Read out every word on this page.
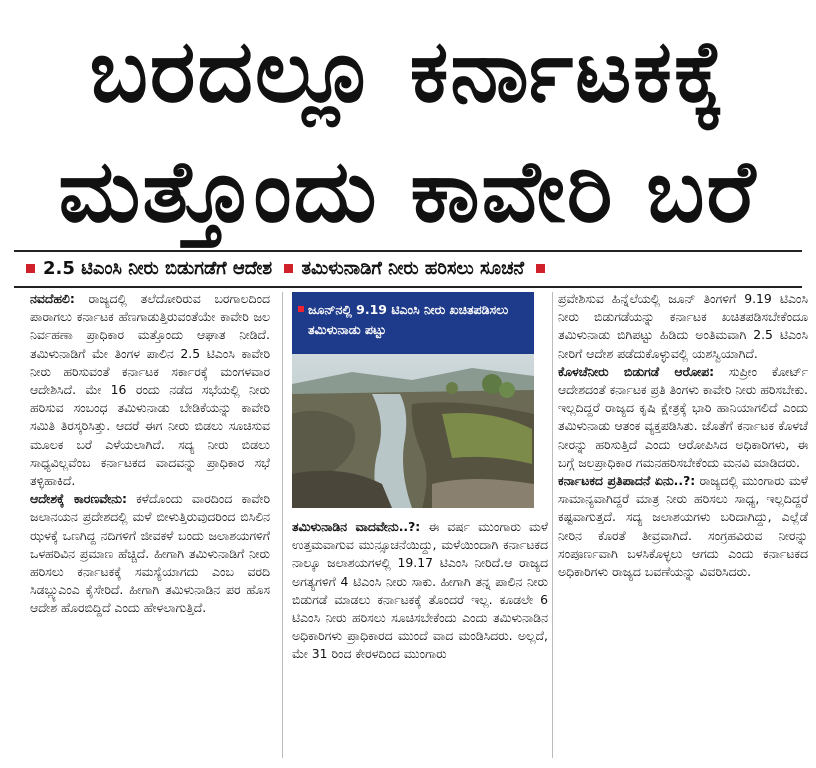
ಬರದಲ್ಲೂ ಕರ್ನಾಟಕಕ್ಕೆ
ಮತ್ತೊಂದು ಕಾವೇರಿ ಬರೆ
2.5 ಟಿಎಂಸಿ ನೀರು ಬಿಡುಗಡೆಗೆ ಆದೇಶ ತಮಿಳುನಾಡಿಗೆ ನೀರು ಹರಿಸಲು ಸೂಚನೆ

ನವದೆಹಲಿ: ರಾಜ್ಯದಲ್ಲಿ ತಲೆದೋರಿರುವ ಬರಗಾಲದಿಂದ ಪಾರಾಗಲು ಕರ್ನಾಟಕ ಹೆಣಗಾಡುತ್ತಿರುವಂತೆಯೇ ಕಾವೇರಿ ಜಲ ನಿರ್ವಹಣಾ ಪ್ರಾಧಿಕಾರ ಮತ್ತೊಂದು ಆಘಾತ ನೀಡಿದೆ. ತಮಿಳುನಾಡಿಗೆ ಮೇ ತಿಂಗಳ ಪಾಲಿನ 2.5 ಟಿಎಂಸಿ ಕಾವೇರಿ ನೀರು ಹರಿಸುವಂತೆ ಕರ್ನಾಟಕ ಸರ್ಕಾರಕ್ಕೆ ಮಂಗಳವಾರ ಆದೇಶಿಸಿದೆ. ಮೇ 16 ರಂದು ನಡೆದ ಸಭೆಯಲ್ಲಿ ನೀರು ಹರಿಸುವ ಸಂಬಂಧ ತಮಿಳುನಾಡು ಬೇಡಿಕೆಯನ್ನು ಕಾವೇರಿ ಸಮಿತಿ ತಿರಸ್ಕರಿಸಿತ್ತು. ಆದರೆ ಈಗ ನೀರು ಬಿಡಲು ಸೂಚಿಸುವ ಮೂಲಕ ಬರೆ ಎಳೆಯಲಾಗಿದೆ. ಸದ್ಯ ನೀರು ಬಿಡಲು ಸಾಧ್ಯವಿಲ್ಲವೆಂಬ ಕರ್ನಾಟಕದ ವಾದವನ್ನು ಪ್ರಾಧಿಕಾರ ಸಭೆ ತಳ್ಳಿಹಾಕಿದೆ.

ಆದೇಶಕ್ಕೆ ಕಾರಣವೇನು: ಕಳೆದೊಂದು ವಾರದಿಂದ ಕಾವೇರಿ ಜಲಾನಯನ ಪ್ರದೇಶದಲ್ಲಿ ಮಳೆ ಬೀಳುತ್ತಿರುವುದರಿಂದ ಬಿಸಿಲಿನ ಝಳಕ್ಕೆ ಒಣಗಿದ್ದ ನದಿಗಳಿಗೆ ಜೀವಕಳೆ ಬಂದು ಜಲಾಶಯಗಳಿಗೆ ಒಳಹರಿವಿನ ಪ್ರಮಾಣ ಹೆಚ್ಚಿದೆ. ಹೀಗಾಗಿ ತಮಿಳುನಾಡಿಗೆ ನೀರು ಹರಿಸಲು ಕರ್ನಾಟಕಕ್ಕೆ ಸಮಸ್ಯೆಯಾಗದು ಎಂಬ ವರದಿ ಸಿಡಬ್ಲ್ಯುಎಂಎ ಕೈಸೇರಿದೆ. ಹೀಗಾಗಿ ತಮಿಳುನಾಡಿನ ಪರ ಹೊಸ ಆದೇಶ ಹೊರಬಿದ್ದಿದೆ ಎಂದು ಹೇಳಲಾಗುತ್ತಿದೆ.

ಜೂನ್‌ನಲ್ಲಿ 9.19 ಟಿಎಂಸಿ ನೀರು ಖಚಿತಪಡಿಸಲು ತಮಿಳುನಾಡು ಪಟ್ಟು

ತಮಿಳುನಾಡಿನ ವಾದವೇನು..?: ಈ ವರ್ಷ ಮುಂಗಾರು ಮಳೆ ಉತ್ತಮವಾಗುವ ಮುನ್ಸೂಚನೆಯಿದ್ದು, ಮಳೆಯಿಂದಾಗಿ ಕರ್ನಾಟಕದ ನಾಲ್ಕೂ ಜಲಾಶಯಗಳಲ್ಲಿ 19.17 ಟಿಎಂಸಿ ನೀರಿದೆ.ಆ ರಾಜ್ಯದ ಅಗತ್ಯಗಳಿಗೆ 4 ಟಿಎಂಸಿ ನೀರು ಸಾಕು. ಹೀಗಾಗಿ ತನ್ನ ಪಾಲಿನ ನೀರು ಬಿಡುಗಡೆ ಮಾಡಲು ಕರ್ನಾಟಕಕ್ಕೆ ತೊಂದರೆ ಇಲ್ಲ. ಕೂಡಲೇ 6 ಟಿಎಂಸಿ ನೀರು ಹರಿಸಲು ಸೂಚಿಸಬೇಕೆಂದು ಎಂದು ತಮಿಳುನಾಡಿನ ಅಧಿಕಾರಿಗಳು ಪ್ರಾಧಿಕಾರದ ಮುಂದೆ ವಾದ ಮಂಡಿಸಿದರು. ಅಲ್ಲದೆ, ಮೇ 31 ರಿಂದ ಕೇರಳದಿಂದ ಮುಂಗಾರು

ಪ್ರವೇಶಿಸುವ ಹಿನ್ನೆಲೆಯಲ್ಲಿ ಜೂನ್ ತಿಂಗಳಿಗೆ 9.19 ಟಿಎಂಸಿ ನೀರು ಬಿಡುಗಡೆಯನ್ನು ಕರ್ನಾಟಕ ಖಚಿತಪಡಿಸಬೇಕೆಂದೂ ತಮಿಳುನಾಡು ಬಿಗಿಪಟ್ಟು ಹಿಡಿದು ಅಂತಿಮವಾಗಿ 2.5 ಟಿಎಂಸಿ ನೀರಿಗೆ ಆದೇಶ ಪಡೆದುಕೊಳ್ಳುವಲ್ಲಿ ಯಶಸ್ವಿಯಾಗಿದೆ.

ಕೊಳಚೆನೀರು ಬಿಡುಗಡೆ ಆರೋಪ: ಸುಪ್ರೀಂ ಕೋರ್ಟ್ ಆದೇಶದಂತೆ ಕರ್ನಾಟಕ ಪ್ರತಿ ತಿಂಗಳು ಕಾವೇರಿ ನೀರು ಹರಿಸಬೇಕು. ಇಲ್ಲದಿದ್ದರೆ ರಾಜ್ಯದ ಕೃಷಿ ಕ್ಷೇತ್ರಕ್ಕೆ ಭಾರಿ ಹಾನಿಯಾಗಲಿದೆ ಎಂದು ತಮಿಳುನಾಡು ಆತಂಕ ವ್ಯಕ್ತಪಡಿಸಿತು. ಜೊತೆಗೆ ಕರ್ನಾಟಕ ಕೊಳಚೆ ನೀರನ್ನು ಹರಿಸುತ್ತಿದೆ ಎಂದು ಆರೋಪಿಸಿದ ಅಧಿಕಾರಿಗಳು, ಈ ಬಗ್ಗೆ ಜಲಪ್ರಾಧಿಕಾರ ಗಮನಹರಿಸಬೇಕೆಂದು ಮನವಿ ಮಾಡಿದರು.

ಕರ್ನಾಟಕದ ಪ್ರತಿಪಾದನೆ ಏನು..?: ರಾಜ್ಯದಲ್ಲಿ ಮುಂಗಾರು ಮಳೆ ಸಾಮಾನ್ಯವಾಗಿದ್ದರೆ ಮಾತ್ರ ನೀರು ಹರಿಸಲು ಸಾಧ್ಯ, ಇಲ್ಲದಿದ್ದರೆ ಕಷ್ಟವಾಗುತ್ತದೆ. ಸದ್ಯ ಜಲಾಶಯಗಳು ಬರಿದಾಗಿದ್ದು, ಎಲ್ಲೆಡೆ ನೀರಿನ ಕೊರತೆ ತೀವ್ರವಾಗಿದೆ. ಸಂಗ್ರಹವಿರುವ ನೀರನ್ನು ಸಂಪೂರ್ಣವಾಗಿ ಬಳಸಿಕೊಳ್ಳಲು ಆಗದು ಎಂದು ಕರ್ನಾಟಕದ ಅಧಿಕಾರಿಗಳು ರಾಜ್ಯದ ಬವಣೆಯನ್ನು ವಿವರಿಸಿದರು.
